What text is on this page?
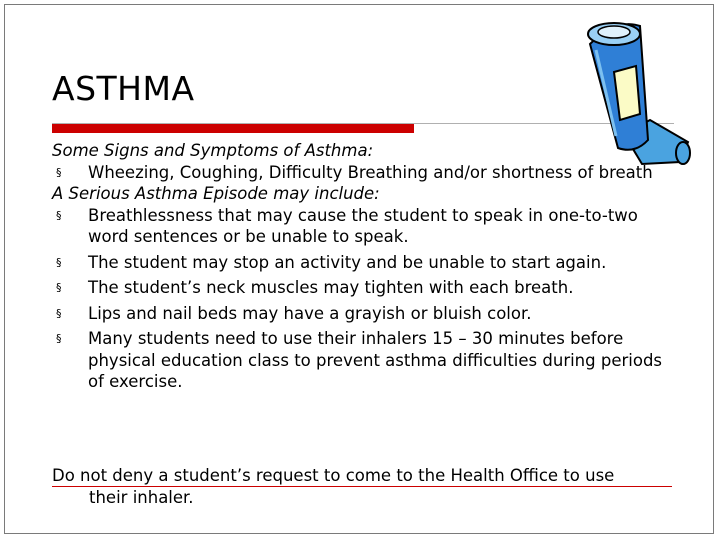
ASTHMA
Some Signs and Symptoms of Asthma:
§	Wheezing, Coughing, Difficulty Breathing and/or shortness of breath
A Serious Asthma Episode may include:
§	Breathlessness that may cause the student to speak in one-to-two word sentences or be unable to speak.
§	The student may stop an activity and be unable to start again.
§	The student’s neck muscles may tighten with each breath.
§	Lips and nail beds may have a grayish or bluish color.
§	Many students need to use their inhalers 15 – 30 minutes before physical education class to prevent asthma difficulties during periods of exercise.
Do not deny a student’s request to come to the Health Office to use
their inhaler.
